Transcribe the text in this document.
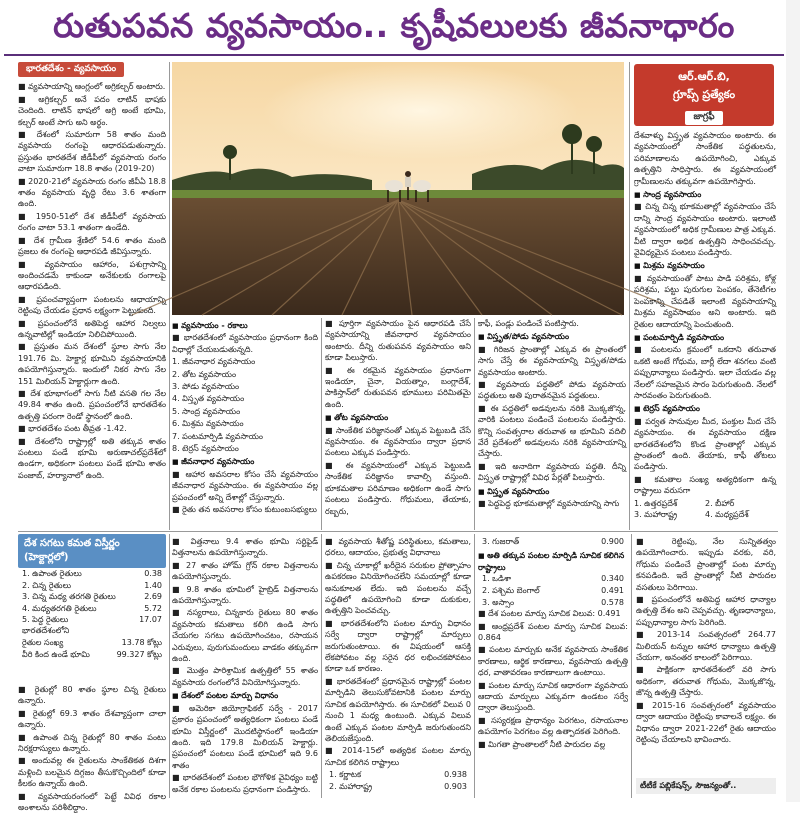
రుతుపవన వ్యవసాయం.. కృషీవలులకు జీవనాధారం
భారతదేశం - వ్యవసాయం

■ వ్యవసాయాన్ని ఆంగ్లంలో అగ్రికల్చర్ అంటారు.

■ అగ్రికల్చర్ అనే పదం లాటిన్ భాషకు చెందింది. లాటిన్ భాషలో అగ్రి అంటే భూమి, కల్చర్ అంటే సాగు అని అర్థం.

■ దేశంలో సుమారుగా 58 శాతం మంది వ్యవసాయ రంగంపై ఆధారపడుతున్నారు. ప్రస్తుతం భారతదేశ జీడీపీలో వ్యవసాయ రంగం వాటా సుమారుగా 18.8 శాతం (2019-20)

■ 2020-21లో వ్యవసాయ రంగం జీవీఏ 18.8 శాతం వ్యవసాయ వృద్ధి రేటు 3.6 శాతంగా ఉంది.

■ 1950-51లో దేశ జీడీపీలో వ్యవసాయ రంగం వాటా 53.1 శాతంగా ఉండేది.

■ దేశ గ్రామీణ శ్రేణిలో 54.6 శాతం మంది ప్రజలు ఈ రంగంపై ఆధారపడి జీవిస్తున్నారు.

■ వ్యవసాయం ఆహారం, పశుగ్రాసాన్ని అందించడమే కాకుండా అనేకులకు రంగాలపై ఆధారపడింది.

■ ప్రపంచవ్యాప్తంగా పంటలను ఆధాయాన్ని రెట్టింపు చేయడం ప్రధాన లక్ష్యంగా పెట్టుకుంది.

■ ప్రపంచంలోనే అతిపెద్ద ఆహార నిల్వలు ఉన్నవాటిల్లో ఇండియా నిలిచిపోయింది.

■ ప్రస్తుతం మన దేశంలో స్థూల సాగు నేల 191.76 మి. హెక్టార్ల భూమిని వ్యవసాయానికి ఉపయోగిస్తున్నారు. ఇందులో నికర సాగు నేల 151 మిలియన్ హెక్టార్లుగా ఉంది.

■ దేశ భూభాగంలో సాగు నీటి వసతి గల నేల 49.84 శాతం ఉంది. ప్రపంచంలోనే భారతదేశం ఉత్పత్తి పరంగా రెండో స్థానంలో ఉంది.

■ భారతదేశం పంట తీవ్రత -1.42.

■ దేశంలోని రాష్ట్రాల్లో అతి తక్కువ శాతం పంటలు పండే భూమి అరుణాచల్‌ప్రదేశ్‌లో ఉండగా, అధికంగా పంటలు పండే భూమి శాతం పంజాబ్, హర్యానాలో ఉంది.

ఆర్.ఆర్.బి,
గ్రూప్స్ ప్రత్యేకం
జాగ్రఫీ

దేశవాళ్ళు విస్తృత వ్యవసాయం అంటారు. ఈ వ్యవసాయంలో సాంకేతిక పద్ధతులను, పరిమాణాలను ఉపయోగించి, ఎక్కువ ఉత్పత్తిని సాధిస్తారు. ఈ వ్యవసాయంలో గ్రామీణులను తక్కువగా ఉపయోగిస్తారు.

■ సాంద్ర వ్యవసాయం

■ చిన్న చిన్న భూకమతాల్లో వ్యవసాయం చేసే దాన్ని సాంద్ర వ్యవసాయం అంటారు. ఇలాంటి వ్యవసాయంలో అధిక గ్రామీణుల పాత్ర ఎక్కువ. వీటి ద్వారా అధిక ఉత్పత్తిని సాధించవచ్చు. వైవిధ్యమైన పంటలు పండిస్తారు.

■ మిశ్రమ వ్యవసాయం

■ వ్యవసాయంతో పాటు పాడి పరిశ్రమ, కోళ్ల పరిశ్రమ, పట్టు పురుగుల పెంపకం, తేనెటీగల పెంపకాన్ని చేపడితే ఇలాంటి వ్యవసాయాన్ని మిశ్రమ వ్యవసాయం అని అంటారు. ఇది రైతుల ఆదాయాన్ని పెంచుతుంది.

■ పంటమార్పిడి వ్యవసాయం

■ పంటలను క్రమంలో ఒకదాని తరువాత ఒకటి అంటే గోధుమ, బార్లీ లేదా శనగలు వంటి పప్పుధాన్యాలు పండిస్తారు. ఇలా చేయడం వల్ల నేలలో సహజమైన సారం పెరుగుతుంది. నేలలో సారవంతం పెరుగుతుంది.

■ టెర్రస్ వ్యవసాయం

■ పర్వత సానువుల మీద, పంక్తుల మీద చేసే వ్యవసాయం. ఈ వ్యవసాయం దక్షిణ భారతదేశంలోని కొండ ప్రాంతాల్లో ఎక్కువ ప్రాంతంలో ఉంది. తేయాకు, కాఫీ తోటలు పండిస్తారు.

■ కమతాల సంఖ్య అత్యధికంగా ఉన్న రాష్ట్రాలు వరుసగా

1. ఉత్తరప్రదేశ్	2. బీహార్
3. మహారాష్ట్ర	4. మధ్యప్రదేశ్
■ వ్యవసాయం - రకాలు

■ భారతదేశంలో వ్యవసాయం ప్రధానంగా కింది విధాల్లో చేయబడుతున్నది.

1. జీవనాధార వ్యవసాయం

2. తోట వ్యవసాయం

3. పోడు వ్యవసాయం

4. విస్తృత వ్యవసాయం

5. సాంద్ర వ్యవసాయం

6. మిశ్రమ వ్యవసాయం

7. పంటమార్పిడి వ్యవసాయం

8. టెర్రస్ వ్యవసాయం

■ జీవనాధార వ్యవసాయం

■ ఆహార అవసరాల కోసం చేసే వ్యవసాయం జీవనాధార వ్యవసాయం. ఈ వ్యవసాయం వల్ల ప్రపంచంలో అన్ని దేశాల్లో చేస్తున్నారు.

■ రైతు తన అవసరాల కోసం కుటుంబసభ్యులు

■ పూర్తిగా వ్యవసాయం పైన ఆధారపడి చేసే వ్యవసాయాన్ని జీవనాధార వ్యవసాయం అంటారు. దీన్ని రుతుపవన వ్యవసాయం అని కూడా పిలుస్తారు.

■ ఈ రకమైన వ్యవసాయం ప్రధానంగా ఇండియా, చైనా, వియత్నాం, బంగ్లాదేశ్, పాకిస్తాన్‌లో రుతుపవన భూములు పరిమితమై ఉంది.

■ తోట వ్యవసాయం

■ సాంకేతిక పరిజ్ఞానంతో ఎక్కువ పెట్టుబడి చేసే వ్యవసాయం. ఈ వ్యవసాయం ద్వారా ప్రధాన పంటలు ఎక్కువ పండిస్తారు.

■ ఈ వ్యవసాయంలో ఎక్కువ పెట్టుబడి సాంకేతిక పరిజ్ఞానం కావాల్సి వస్తుంది. భూకమతాల పరిమాణం అధికంగా ఉండే సాగు పంటలు పండిస్తారు. గోధుమలు, తేయాకు, రబ్బరు,

కాఫీ, పండ్లు పండించే పంటిస్తారు.

■ విస్తృత/పోడు వ్యవసాయం

■ గిరిజన ప్రాంతాల్లో ఎక్కువ ఈ ప్రాంతంలో సాగు చేస్తే ఈ వ్యవసాయాన్ని విస్తృత/పోడు వ్యవసాయం అంటారు.

■ వ్యవసాయ పద్ధతిలో పోడు వ్యవసాయ పద్ధతులు అతి పురాతనమైన పద్ధతులు.

■ ఈ పద్ధతిలో అడవులను నరికి మొక్కజొన్న, వారికి పంటలు పండించే పంటలను పండిస్తారు. కొన్ని సంవత్సరాల తరువాత ఆ భూమిని వదిలి వేరే ప్రదేశంలో అడవులను నరికి వ్యవసాయాన్ని చేస్తారు.

■ ఇది అనాదిగా వ్యవసాయ పద్ధతి. దీన్ని విస్తృత రాష్ట్రాల్లో వివిధ పేర్లతో పిలుస్తారు.

■ విస్తృత వ్యవసాయం

■ పెద్దపెద్ద భూకమతాల్లో వ్యవసాయాన్ని సాగు

దేశ సగటు కమత విస్తీర్ణం (హెక్టార్లలో)
1. ఉపాంత రైతులు	0.38
2. చిన్న రైతులు	1.40
3. చిన్న మధ్య తరగతి రైతులు	2.69
4. మధ్యతరగతి రైతులు	5.72
5. పెద్ద రైతులు	17.07
భారతదేశంలోని
రైతుల సంఖ్య	13.78 కోట్లు
వీరి కింద ఉండే భూమి	99.327 కోట్లు

■ రైతుల్లో 80 శాతం స్థూల చిన్న రైతులు ఉన్నారు.

■ రైతుల్లో 69.3 శాతం దేశవ్యాప్తంగా చాలా ఉన్నారు.

■ ఉపాంత చిన్న రైతుల్లో 80 శాతం పంటు నిరక్షరాస్యులు ఉన్నారు.

■ అందువల్ల ఈ రైతులను సాంకేతికత దిశగా మళ్లించి బలమైన దిగ్గజం తీసుకొచ్చిందిలో కూడా కీలకం ఉన్నాయ్ ఉంది.

■ వ్యవసాయరంగంలో పెట్టే వివిధ రకాల అంశాలను పరిశీలిద్దాం.

■ విత్తనాలు 9.4 శాతం భూమి సర్టిఫైడ్ విత్తనాలను ఉపయోగిస్తున్నారు.

■ 27 శాతం హోమ్ గ్రోన్ రకాల విత్తనాలను ఉపయోగిస్తున్నారు.

■ 9.8 శాతం భూమిలో హైబ్రిడ్ విత్తనాలను ఉపయోగిస్తున్నారు.

■ నస్యరాలు, చిన్నకారు రైతులు 80 శాతం వ్యవసాయ కమతాలు కలిగి ఉండి సాగు చేయగల సగటు ఉపయోగించటం, రసాయన ఎరువులు, పురుగుమందులు వాడకం తక్కువగా ఉంది.

■ మొత్తం పారిశ్రామిక ఉత్పత్తిలో 55 శాతం వ్యవసాయ రంగంలోనే వినియోగిస్తున్నారు.

■ దేశంలో పంటల మార్పు విధానం

■ అమెరికా జియోగ్రాఫికల్ సర్వే - 2017 ప్రకారం ప్రపంచంలో అత్యధికంగా పంటలు పండే భూమి విస్తీర్ణంలో మొదటిస్థానంలో ఇండియా ఉంది. ఇది 179.8 మిలియన్ హెక్టార్లు. ప్రపంచంలో పంటలు పండే భూమిలో ఇది 9.6 శాతం

■ భారతదేశంలో పంటల భౌగోళిక వైవిధ్యం బట్టి అనేక రకాల పంటలను ప్రధానంగా పండిస్తారు.

■ వ్యవసాయ శీతోష్ణ పరిస్థితులు, కమతాలు, ధరలు, ఆదాయం, ప్రభుత్వ విధానాలు

■ చిన్న చూకాల్లో ఖరీదైన సరుకుల ప్రోత్సాహం ఉపకరణం వినియోగించలేని సమయాల్లో కూడా అనుకూలత లేదు. ఇది పంటలను వచ్చే పద్ధతిలో ఉపయోగించి కూడా దుకుకుల, ఉత్పత్తిని పెంచవచ్చు.

■ భారతదేశంలోని పంటల మార్పు విధానం సర్వే ద్వారా రాష్ట్రాల్లో మార్పులు జరుగుతుంటాయి. ఈ విషయంలో ఆసక్తి లేకపోవటం వల్ల సరైన ధర లభించకపోవటం కూడా ఒక కారణం.

■ భారతదేశంలో ప్రధానమైన రాష్ట్రాల్లో పంటల మార్పిడిని తెలుసుకోవటానికి పంటల మార్పు సూచిక ఉపయోగిస్తారు. ఈ సూచికలో విలువ 0 నుంచి 1 మధ్య ఉంటుంది. ఎక్కువ విలువ ఉంటే ఎక్కువ పంటల మార్పిడి జరుగుతుందని తెలియజేస్తుంది.

■ 2014-15లో అత్యధిక పంటల మార్పు సూచిక కలిగిన రాష్ట్రాలు

1. కర్ణాటక	0.938
2. మహారాష్ట్ర	0.903
3. గుజరాత్	0.900
■ అతి తక్కువ పంటల మార్పిడి సూచిక కలిగిన రాష్ట్రాలు
1. ఒడిశా	0.340
2. పశ్చిమ బెంగాల్	0.491
3. అస్సాం	0.578

■ దేశ పంటల మార్పు సూచిక విలువ: 0.491

■ ఆంధ్రప్రదేశ్ పంటల మార్పు సూచిక విలువ: 0.864

■ పంటల మార్పుకు అనేక వ్యవసాయ సాంకేతిక కారణాలు, ఆర్థిక కారణాలు, వ్యవసాయ ఉత్పత్తి ధర, వాతావరణం కారణాలుగా ఉంటాయి.

■ పంటల మార్పు సూచిక ఆధారంగా వ్యవసాయ ఆదాయ మార్పులు ఎక్కువగా ఉండటం సర్వే ద్వారా తెలుస్తుంది.

■ సస్యరక్షణ ప్రాధాన్యం పెరగటం, రసాయనాల ఉపయోగం పెరగటం వల్ల ఉత్పాదకత పెరిగింది.

■ మిగతా ప్రాంతాలలో నీటి పారుదల వల్ల

■ రెట్టింపు, నేల సున్నితత్వం ఉపయోగించారు. ఇప్పుడు వరకు, వరి, గోధుమ పండించే ప్రాంతాల్లో పంట మార్పు కనపడింది. ఇదే ప్రాంతాల్లో నీటి పారుదల వసతులు పెరిగాయి.

■ ప్రపంచంలోనే అతిపెద్ద ఆహార ధాన్యాల ఉత్పత్తి దేశం అని చెప్పవచ్చు. తృణధాన్యాలు, పప్పుధాన్యాల సాగు పెరిగింది.

■ 2013-14 సంవత్సరంలో 264.77 మిలియన్ టన్నుల ఆహార ధాన్యాలు ఉత్పత్తి చేయగా, అనంతర కాలంలో పెరిగాయి.

■ పాక్షికంగా భారతదేశంలో వరి సాగు అధికంగా, తరువాత గోధుమ, మొక్కజొన్న, జొన్న ఉత్పత్తి చేస్తారు.

■ 2015-16 సంవత్సరంలో వ్యవసాయం ద్వారా ఆదాయం రెట్టింపు కావాలనే లక్ష్యం. ఈ విధానం ద్వారా 2021-22లో రైతు ఆదాయం రెట్టింపు చేయాలని భావించారు.

టీటీకే పబ్లికేషన్స్, సౌజన్యంతో..
